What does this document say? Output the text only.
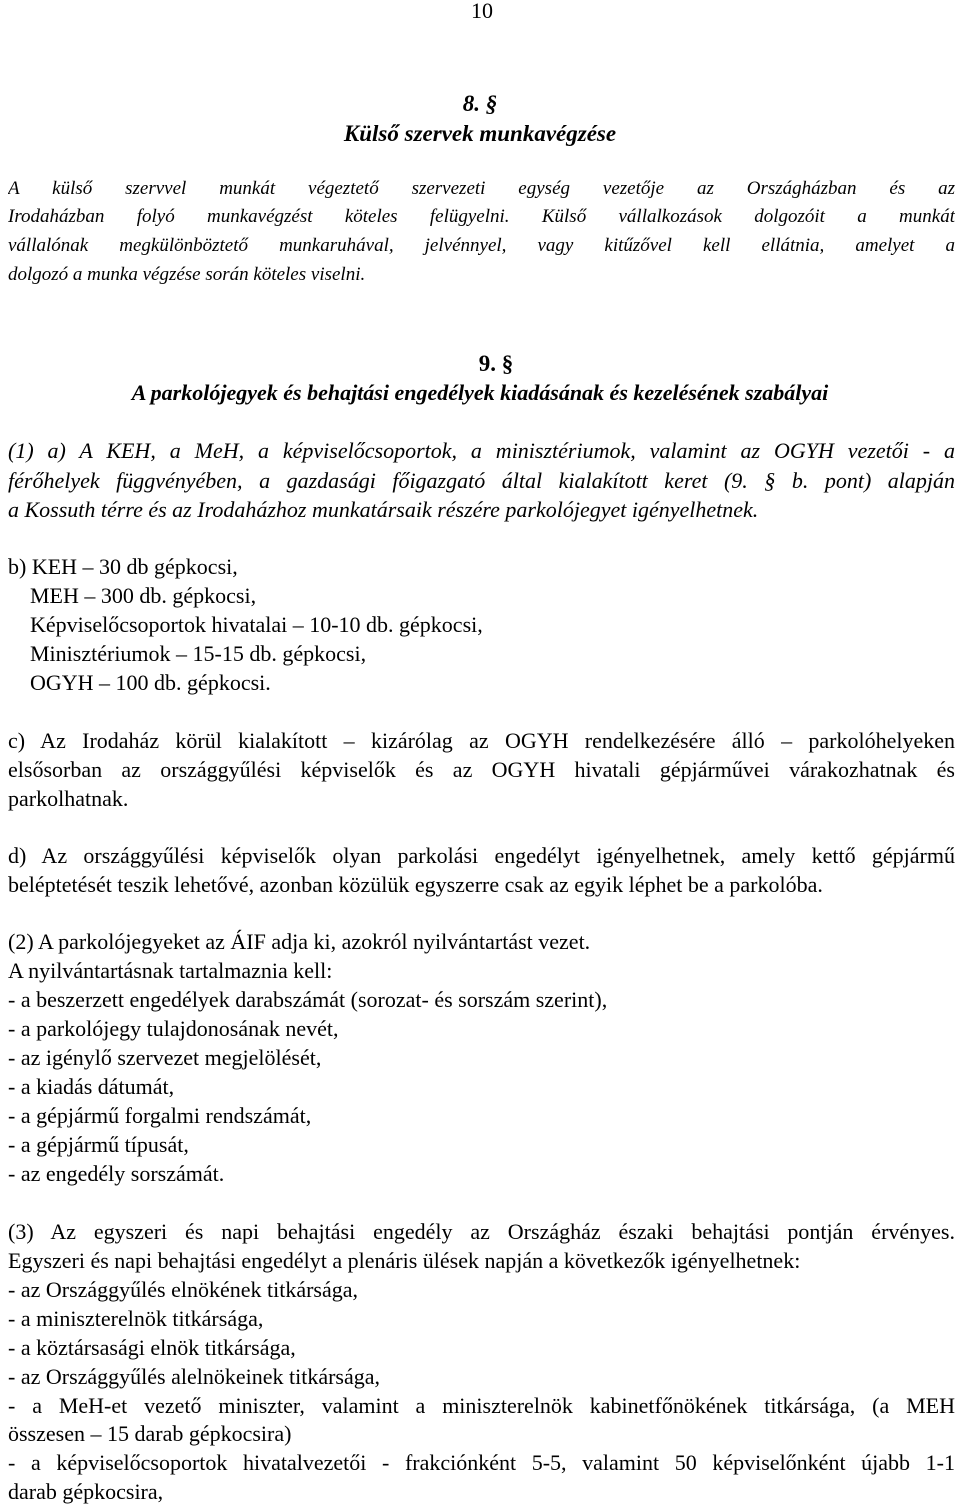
10
8. §
Külső szervek munkavégzése
A külső szervvel munkát végeztető szervezeti egység vezetője az Országházban és az
Irodaházban folyó munkavégzést köteles felügyelni. Külső vállalkozások dolgozóit a munkát
vállalónak megkülönböztető munkaruhával, jelvénnyel, vagy kitűzővel kell ellátnia, amelyet a
dolgozó a munka végzése során köteles viselni.
9. §
A parkolójegyek és behajtási engedélyek kiadásának és kezelésének szabályai
(1) a) A KEH, a MeH, a képviselőcsoportok, a minisztériumok, valamint az OGYH vezetői - a
férőhelyek függvényében, a gazdasági főigazgató által kialakított keret (9. § b. pont) alapján
a Kossuth térre és az Irodaházhoz munkatársaik részére parkolójegyet igényelhetnek.
b) KEH – 30 db gépkocsi,
MEH – 300 db. gépkocsi,
Képviselőcsoportok hivatalai – 10-10 db. gépkocsi,
Minisztériumok – 15-15 db. gépkocsi,
OGYH – 100 db. gépkocsi.
c) Az Irodaház körül kialakított – kizárólag az OGYH rendelkezésére álló – parkolóhelyeken
elsősorban az országgyűlési képviselők és az OGYH hivatali gépjárművei várakozhatnak és
parkolhatnak.
d) Az országgyűlési képviselők olyan parkolási engedélyt igényelhetnek, amely kettő gépjármű
beléptetését teszik lehetővé, azonban közülük egyszerre csak az egyik léphet be a parkolóba.
(2) A parkolójegyeket az ÁIF adja ki, azokról nyilvántartást vezet.
A nyilvántartásnak tartalmaznia kell:
- a beszerzett engedélyek darabszámát (sorozat- és sorszám szerint),
- a parkolójegy tulajdonosának nevét,
- az igénylő szervezet megjelölését,
- a kiadás dátumát,
- a gépjármű forgalmi rendszámát,
- a gépjármű típusát,
- az engedély sorszámát.
(3) Az egyszeri és napi behajtási engedély az Országház északi behajtási pontján érvényes.
Egyszeri és napi behajtási engedélyt a plenáris ülések napján a következők igényelhetnek:
- az Országgyűlés elnökének titkársága,
- a miniszterelnök titkársága,
- a köztársasági elnök titkársága,
- az Országgyűlés alelnökeinek titkársága,
- a MeH-et vezető miniszter, valamint a miniszterelnök kabinetfőnökének titkársága, (a MEH
összesen – 15 darab gépkocsira)
- a képviselőcsoportok hivatalvezetői - frakciónként 5-5, valamint 50 képviselőnként újabb 1-1
darab gépkocsira,
